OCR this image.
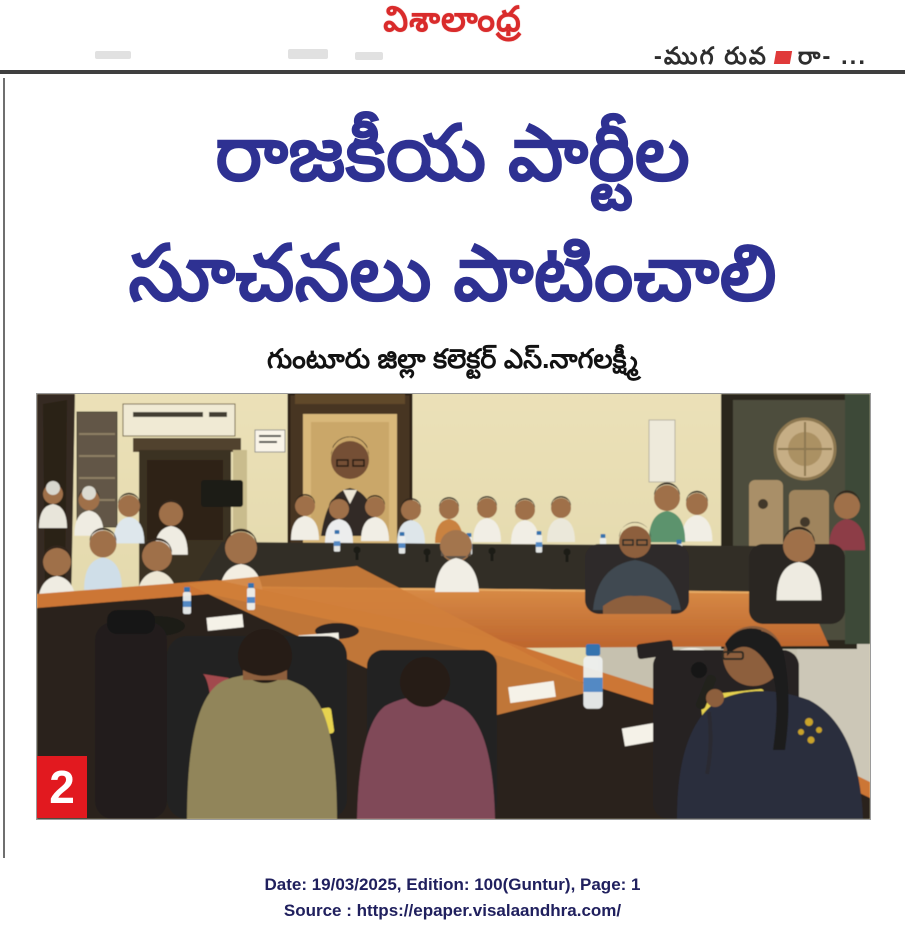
విశాలాంధ్ర
-ముగ రువ రా- ...
రాజకీయ పార్టీల
సూచనలు పాటించాలి
గుంటూరు జిల్లా కలెక్టర్ ఎస్.నాగలక్ష్మీ
2
Date: 19/03/2025, Edition: 100(Guntur), Page: 1
Source : https://epaper.visalaandhra.com/
